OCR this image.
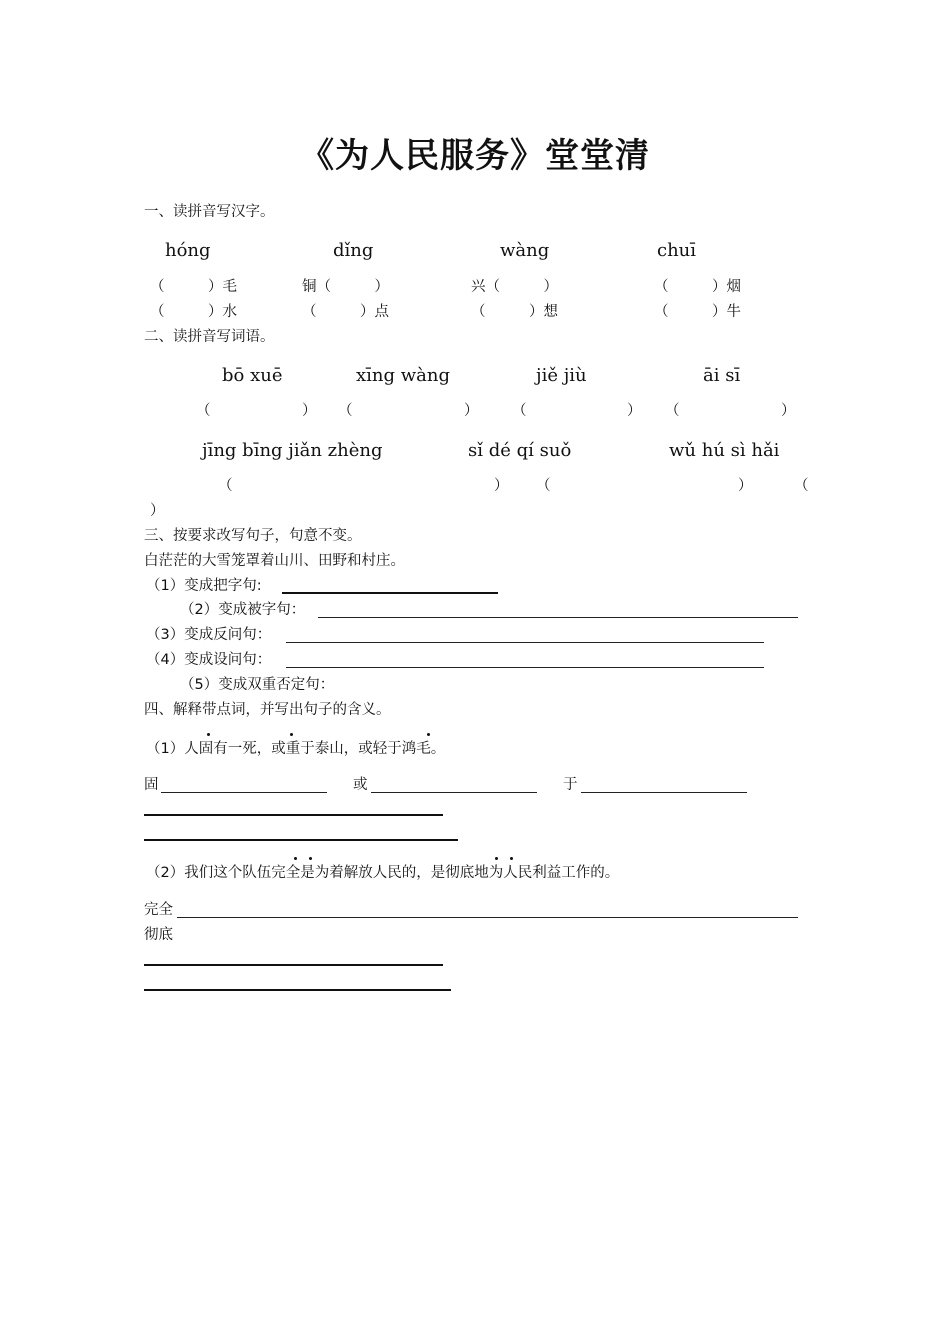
《为人民服务》堂堂清
一、读拼音写汉字。
hóng	dǐng	wàng	chuī
（　　　）毛	铜（　　　）	兴（　　　）	（　　　）烟
（　　　）水	（　　　）点	（　　　）想	（　　　）牛
二、读拼音写词语。
bō xuē	xīng wàng	jiě jiù	āi sī
（	） （	） （	） （	）
jīng bīng jiǎn zhèng	sǐ dé qí suǒ	wǔ hú sì hǎi
（	） （	）	（
）
三、按要求改写句子，句意不变。
白茫茫的大雪笼罩着山川、田野和村庄。
（1）变成把字句:
（2）变成被字句：
（3）变成反问句：
（4）变成设问句：
（5）变成双重否定句：
四、解释带点词，并写出句子的含义。
（1）人固有一死，或重于泰山，或轻于鸿毛。
固	或	于
（2）我们这个队伍完全是为着解放人民的，是彻底地为人民利益工作的。
完全
彻底
